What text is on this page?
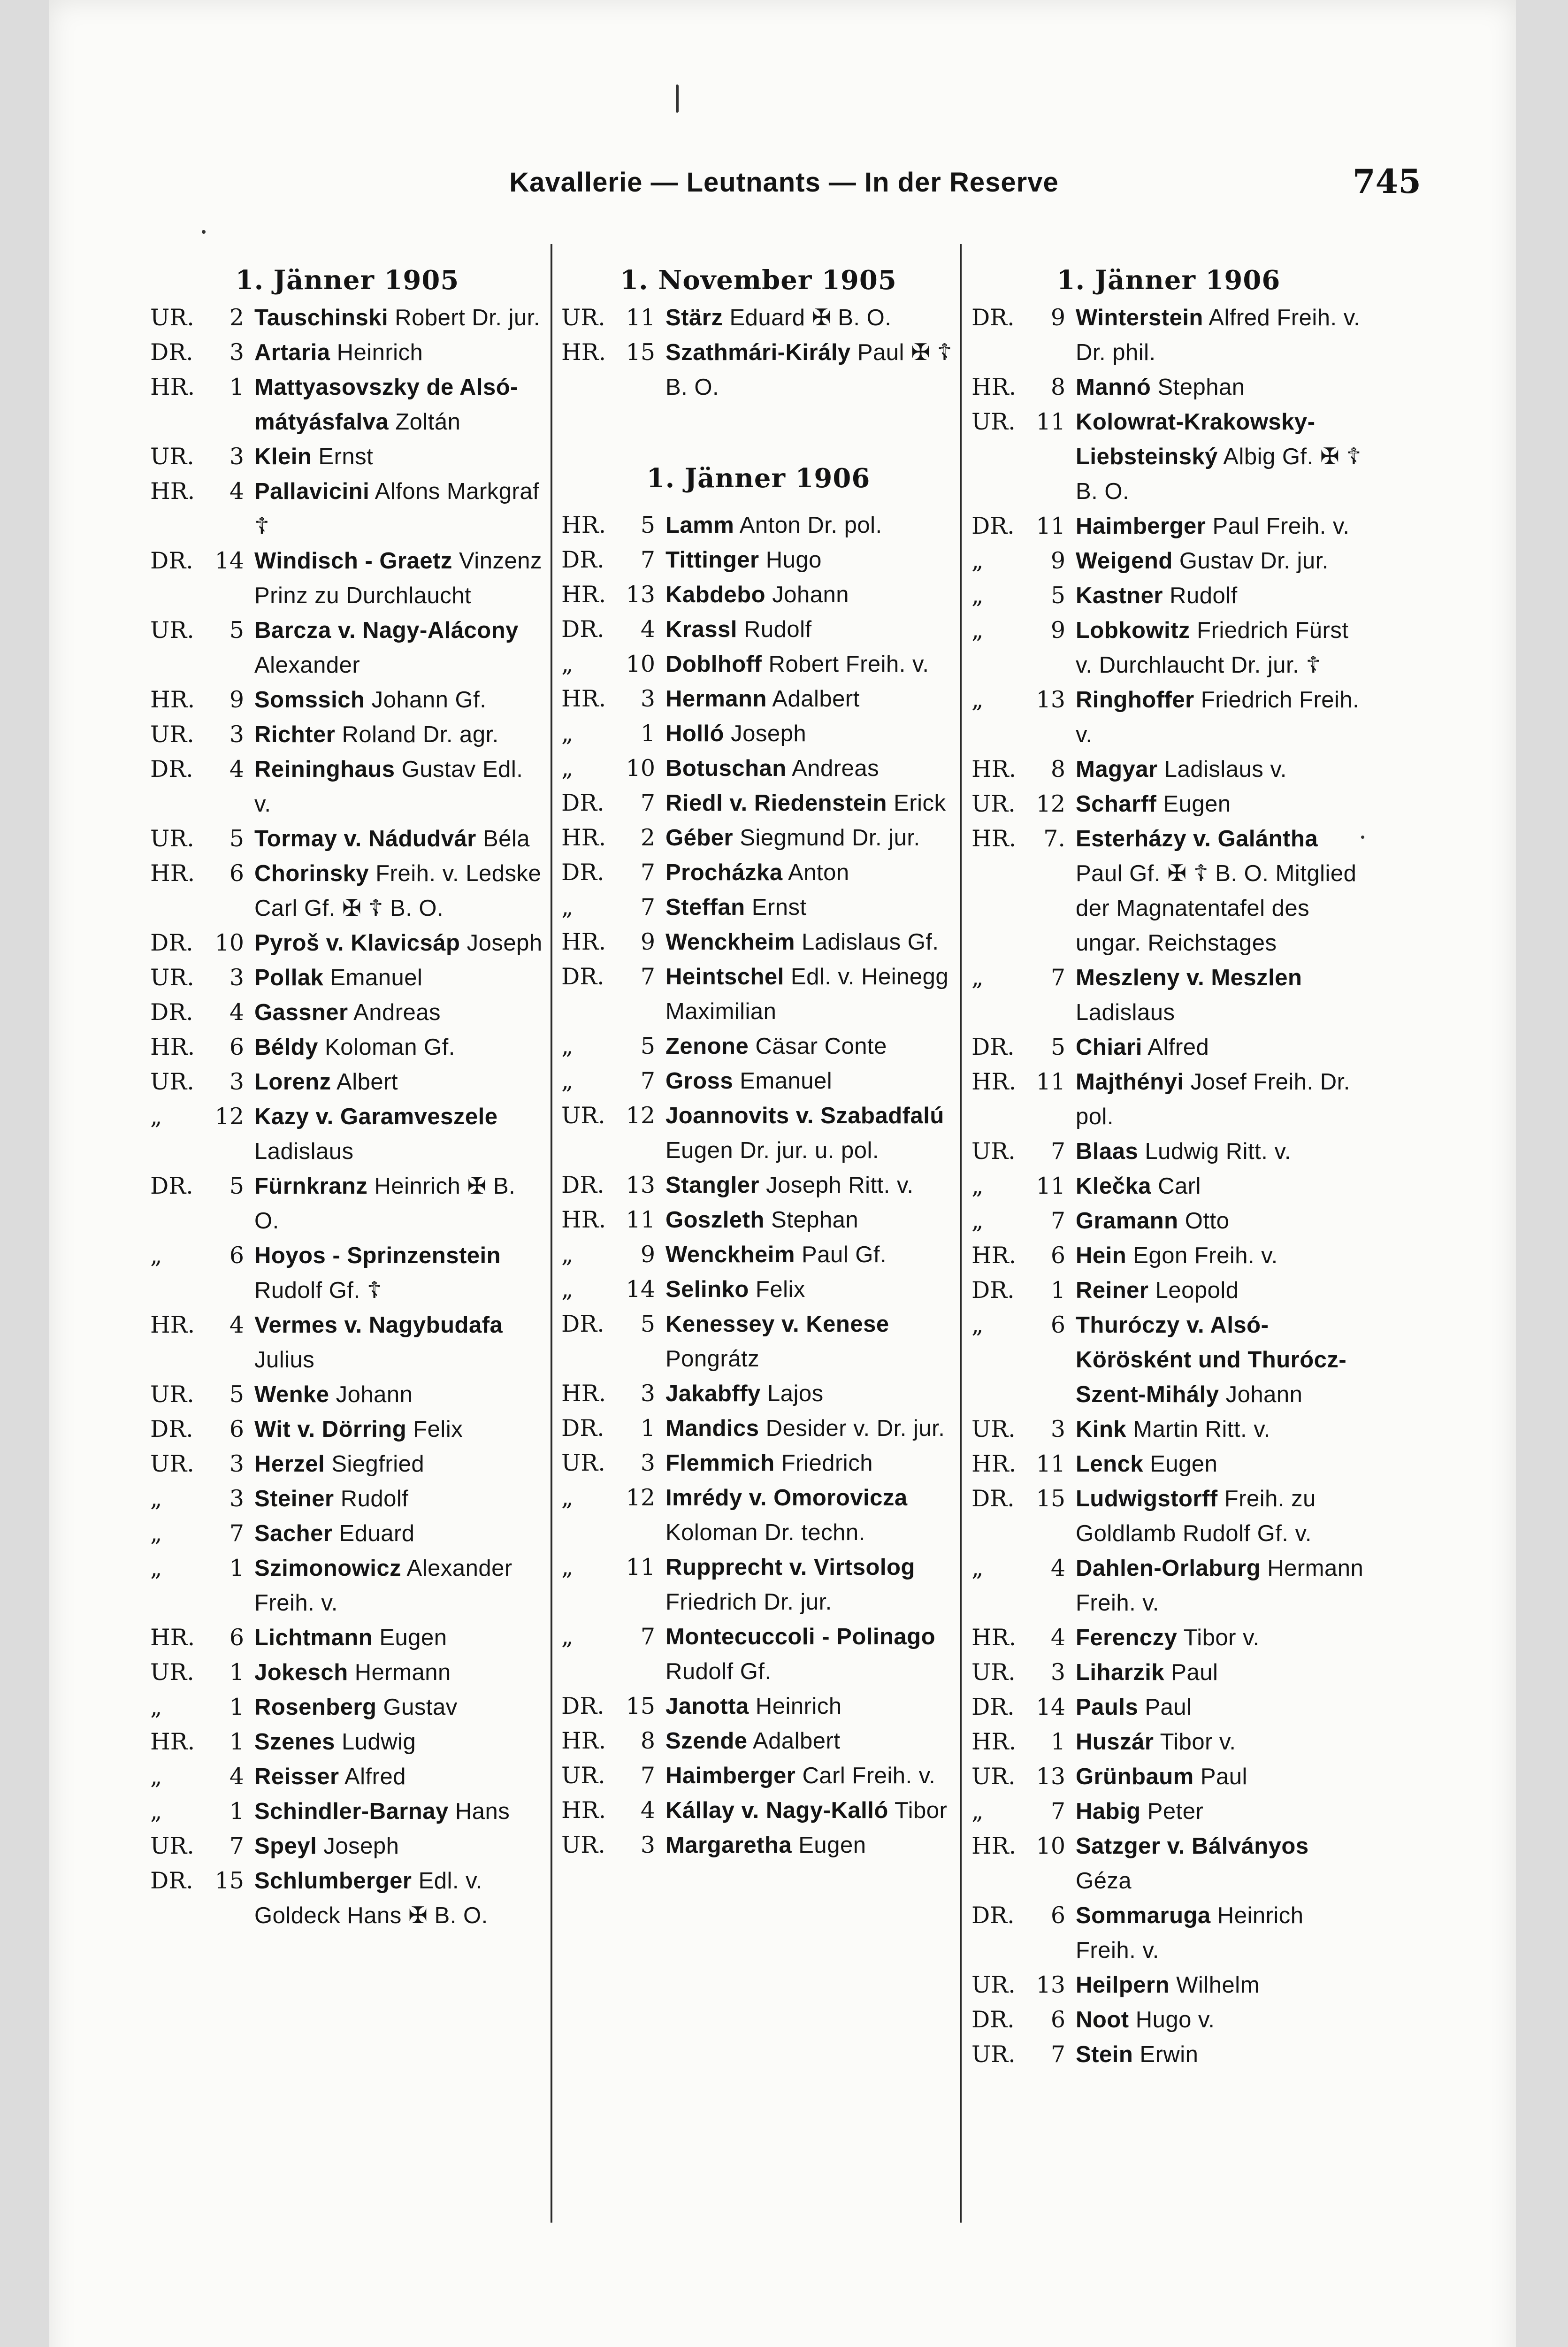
Kavallerie — Leutnants — In der Reserve	745
1. Jänner 1905
UR.	2 Tauschinski Robert Dr. jur.
DR.	3 Artaria Heinrich
HR.	1 Mattyasovszky de Alsó-mátyásfalva Zoltán
UR.	3 Klein Ernst
HR.	4 Pallavicini Alfons Markgraf ☦
DR. 14 Windisch - Graetz Vinzenz Prinz zu Durchlaucht
UR.	5 Barcza v. Nagy-Alácony Alexander
HR.	9 Somssich Johann Gf.
UR.	3 Richter Roland Dr. agr.
DR.	4 Reininghaus Gustav Edl. v.
UR.	5 Tormay v. Nádudvár Béla
HR.	6 Chorinsky Freih. v. Ledske Carl Gf. ✠ ☦ B. O.
DR. 10 Pyroš v. Klavicsáp Joseph
UR.	3 Pollak Emanuel
DR.	4 Gassner Andreas
HR.	6 Béldy Koloman Gf.
UR.	3 Lorenz Albert
„	12 Kazy v. Garamveszele Ladislaus
DR.	5 Fürnkranz Heinrich ✠ B. O.
„	6 Hoyos - Sprinzenstein Rudolf Gf. ☦
HR.	4 Vermes v. Nagybudafa Julius
UR.	5 Wenke Johann
DR.	6 Wit v. Dörring Felix
UR.	3 Herzel Siegfried
„	3 Steiner Rudolf
„	7 Sacher Eduard
„	1 Szimonowicz Alexander Freih. v.
HR.	6 Lichtmann Eugen
UR.	1 Jokesch Hermann
„	1 Rosenberg Gustav
HR.	1 Szenes Ludwig
„	4 Reisser Alfred
„	1 Schindler-Barnay Hans
UR.	7 Speyl Joseph
DR. 15 Schlumberger Edl. v. Goldeck Hans ✠ B. O.
1. November 1905
UR. 11 Stärz Eduard ✠ B. O.
HR. 15 Szathmári-Király Paul ✠ ☦ B. O.
1. Jänner 1906
HR.	5 Lamm Anton Dr. pol.
DR.	7 Tittinger Hugo
HR. 13 Kabdebo Johann
DR.	4 Krassl Rudolf
„	10 Doblhoff Robert Freih. v.
HR.	3 Hermann Adalbert
„	1 Holló Joseph
„	10 Botuschan Andreas
DR.	7 Riedl v. Riedenstein Erick
HR.	2 Géber Siegmund Dr. jur.
DR.	7 Procházka Anton
„	7 Steffan Ernst
HR.	9 Wenckheim Ladislaus Gf.
DR.	7 Heintschel Edl. v. Heinegg Maximilian
„	5 Zenone Cäsar Conte
„	7 Gross Emanuel
UR. 12 Joannovits v. Szabadfalú Eugen Dr. jur. u. pol.
DR. 13 Stangler Joseph Ritt. v.
HR. 11 Goszleth Stephan
„	9 Wenckheim Paul Gf.
„	14 Selinko Felix
DR.	5 Kenessey v. Kenese Pongrátz
HR.	3 Jakabffy Lajos
DR.	1 Mandics Desider v. Dr. jur.
UR.	3 Flemmich Friedrich
„	12 Imrédy v. Omorovicza Koloman Dr. techn.
„	11 Rupprecht v. Virtsolog Friedrich Dr. jur.
„	7 Montecuccoli - Polinago Rudolf Gf.
DR. 15 Janotta Heinrich
HR.	8 Szende Adalbert
UR.	7 Haimberger Carl Freih. v.
HR.	4 Kállay v. Nagy-Kalló Tibor
UR.	3 Margaretha Eugen
1. Jänner 1906
DR.	9 Winterstein Alfred Freih. v. Dr. phil.
HR.	8 Mannó Stephan
UR. 11 Kolowrat-Krakowsky-Liebsteinský Albig Gf. ✠ ☦ B. O.
DR. 11 Haimberger Paul Freih. v.
„	9 Weigend Gustav Dr. jur.
„	5 Kastner Rudolf
„	9 Lobkowitz Friedrich Fürst v. Durchlaucht Dr. jur. ☦
„	13 Ringhoffer Friedrich Freih. v.
HR.	8 Magyar Ladislaus v.
UR. 12 Scharff Eugen
HR.	7. Esterházy v. Galántha Paul Gf. ✠ ☦ B. O. Mitglied der Magnatentafel des ungar. Reichstages
„	7 Meszleny v. Meszlen Ladislaus
DR.	5 Chiari Alfred
HR. 11 Majthényi Josef Freih. Dr. pol.
UR.	7 Blaas Ludwig Ritt. v.
„	11 Klečka Carl
„	7 Gramann Otto
HR.	6 Hein Egon Freih. v.
DR.	1 Reiner Leopold
„	6 Thuróczy v. Alsó-Körösként und Thurócz-Szent-Mihály Johann
UR.	3 Kink Martin Ritt. v.
HR. 11 Lenck Eugen
DR. 15 Ludwigstorff Freih. zu Goldlamb Rudolf Gf. v.
„	4 Dahlen-Orlaburg Hermann Freih. v.
HR.	4 Ferenczy Tibor v.
UR.	3 Liharzik Paul
DR. 14 Pauls Paul
HR.	1 Huszár Tibor v.
UR. 13 Grünbaum Paul
„	7 Habig Peter
HR. 10 Satzger v. Bálványos Géza
DR.	6 Sommaruga Heinrich Freih. v.
UR. 13 Heilpern Wilhelm
DR.	6 Noot Hugo v.
UR.	7 Stein Erwin
